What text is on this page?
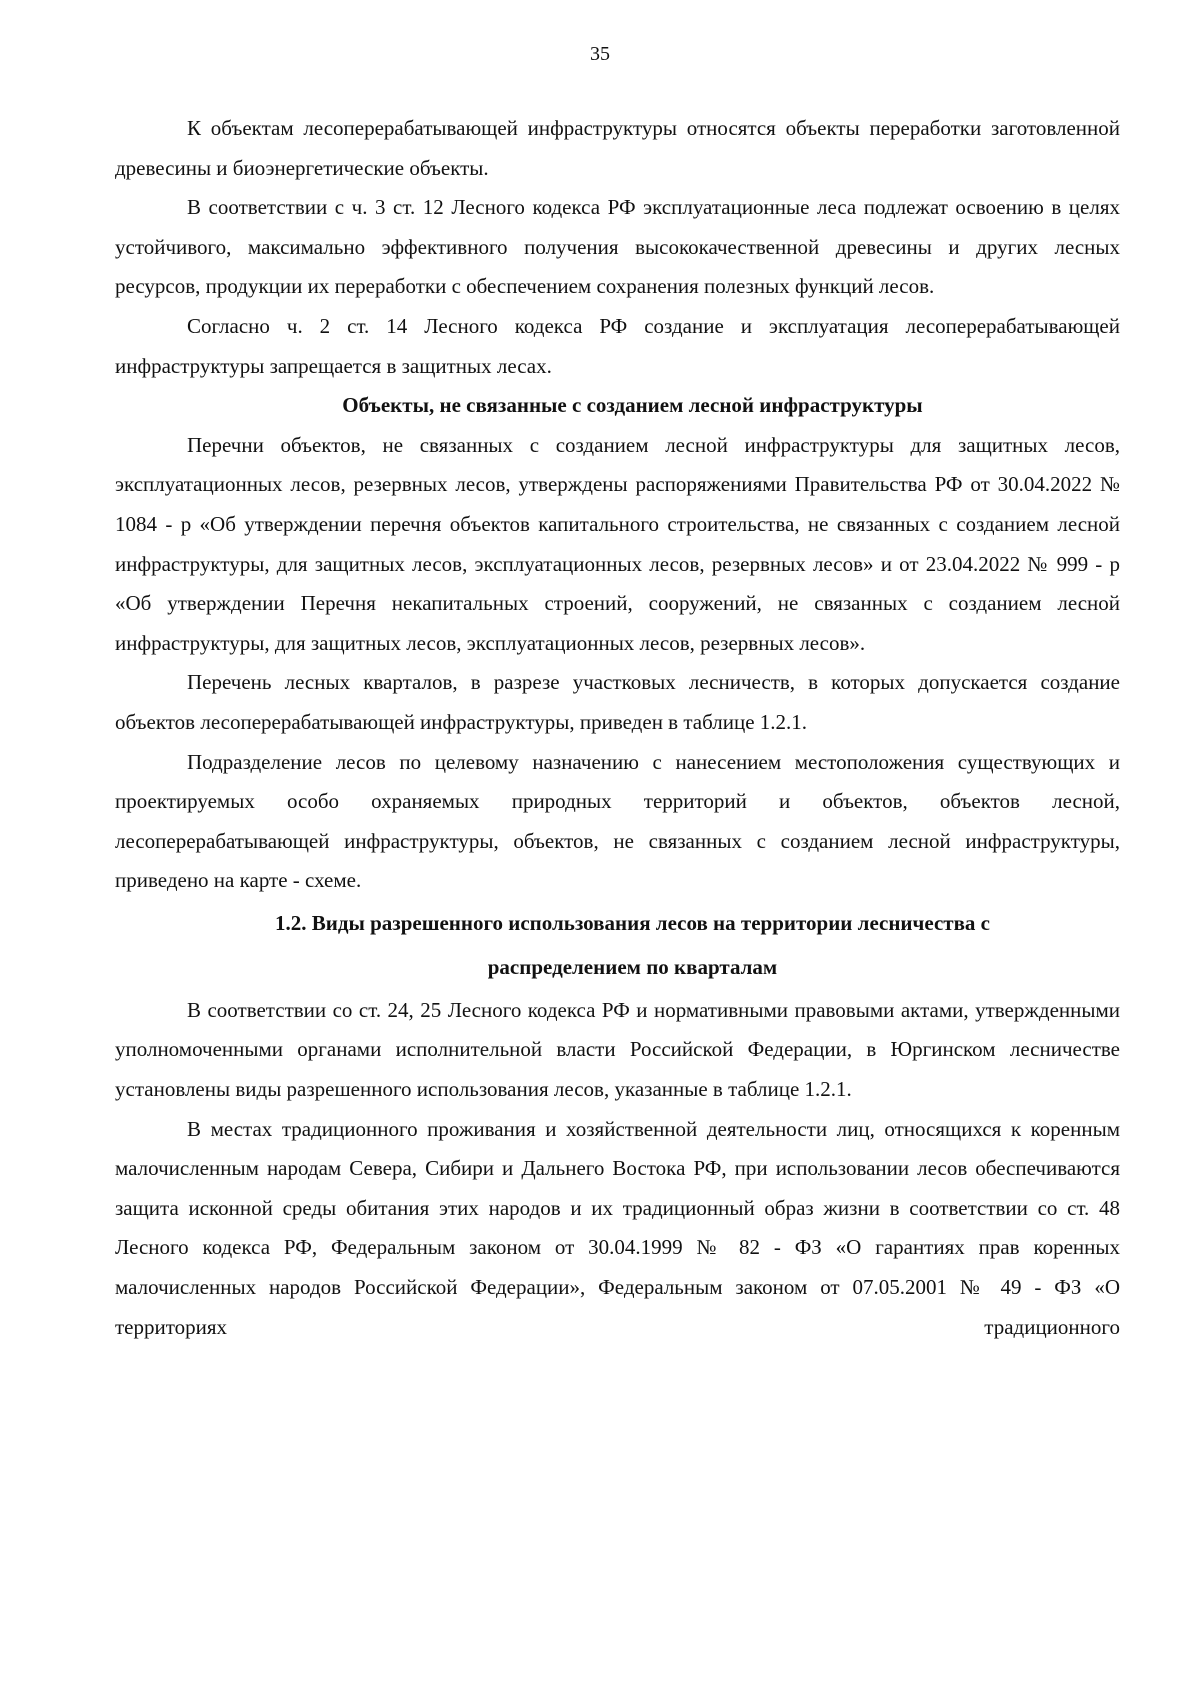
35

К объектам лесоперерабатывающей инфраструктуры относятся объекты переработки заготовленной древесины и биоэнергетические объекты.

В соответствии с ч. 3 ст. 12 Лесного кодекса РФ эксплуатационные леса подлежат освоению в целях устойчивого, максимально эффективного получения высококачественной древесины и других лесных ресурсов, продукции их переработки с обеспечением сохранения полезных функций лесов.

Согласно ч. 2 ст. 14 Лесного кодекса РФ создание и эксплуатация лесоперерабатывающей инфраструктуры запрещается в защитных лесах.

Объекты, не связанные с созданием лесной инфраструктуры

Перечни объектов, не связанных с созданием лесной инфраструктуры для защитных лесов, эксплуатационных лесов, резервных лесов, утверждены распоряжениями Правительства РФ от 30.04.2022 № 1084 - р «Об утверждении перечня объектов капитального строительства, не связанных с созданием лесной инфраструктуры, для защитных лесов, эксплуатационных лесов, резервных лесов» и от 23.04.2022 № 999 - р «Об утверждении Перечня некапитальных строений, сооружений, не связанных с созданием лесной инфраструктуры, для защитных лесов, эксплуатационных лесов, резервных лесов».

Перечень лесных кварталов, в разрезе участковых лесничеств, в которых допускается создание объектов лесоперерабатывающей инфраструктуры, приведен в таблице 1.2.1.

Подразделение лесов по целевому назначению с нанесением местоположения существующих и проектируемых особо охраняемых природных территорий и объектов, объектов лесной, лесоперерабатывающей инфраструктуры, объектов, не связанных с созданием лесной инфраструктуры, приведено на карте - схеме.

1.2. Виды разрешенного использования лесов на территории лесничества с
распределением по кварталам

В соответствии со ст. 24, 25 Лесного кодекса РФ и нормативными правовыми актами, утвержденными уполномоченными органами исполнительной власти Российской Федерации, в Юргинском лесничестве установлены виды разрешенного использования лесов, указанные в таблице 1.2.1.

В местах традиционного проживания и хозяйственной деятельности лиц, относящихся к коренным малочисленным народам Севера, Сибири и Дальнего Востока РФ, при использовании лесов обеспечиваются защита исконной среды обитания этих народов и их традиционный образ жизни в соответствии со ст. 48 Лесного кодекса РФ, Федеральным законом от 30.04.1999 № 82 - ФЗ «О гарантиях прав коренных малочисленных народов Российской Федерации», Федеральным законом от 07.05.2001 № 49 - ФЗ «О территориях традиционного
